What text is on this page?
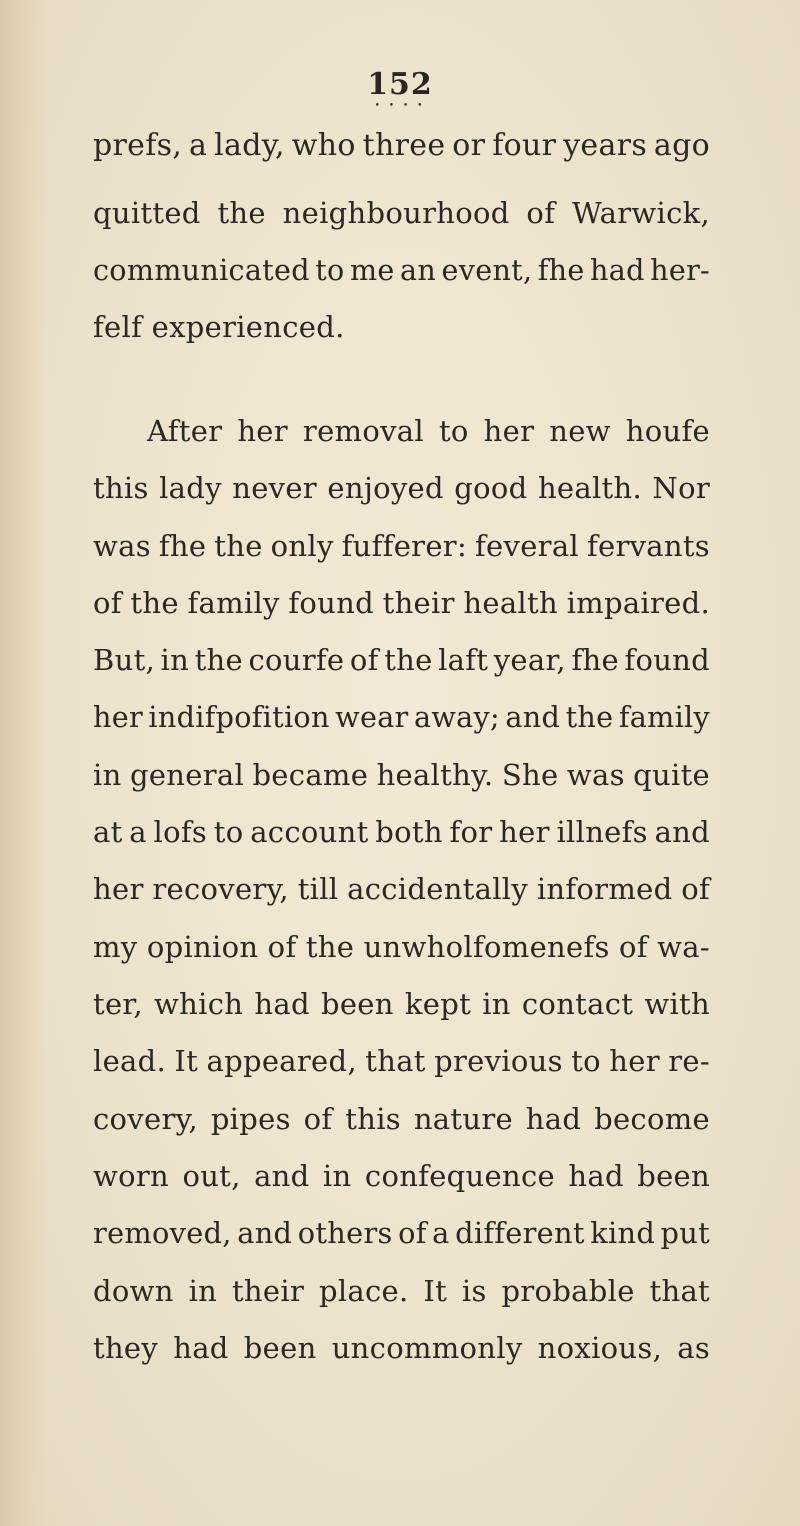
152
• • • •
prefs, a lady, who three or four years ago
quitted the neighbourhood of Warwick,
communicated to me an event, fhe had her-
felf experienced.
After her removal to her new houfe
this lady never enjoyed good health. Nor
was fhe the only fufferer: feveral fervants
of the family found their health impaired.
But, in the courfe of the laft year, fhe found
her indifpofition wear away; and the family
in general became healthy. She was quite
at a lofs to account both for her illnefs and
her recovery, till accidentally informed of
my opinion of the unwholfomenefs of wa-
ter, which had been kept in contact with
lead. It appeared, that previous to her re-
covery, pipes of this nature had become
worn out, and in confequence had been
removed, and others of a different kind put
down in their place. It is probable that
they had been uncommonly noxious, as
